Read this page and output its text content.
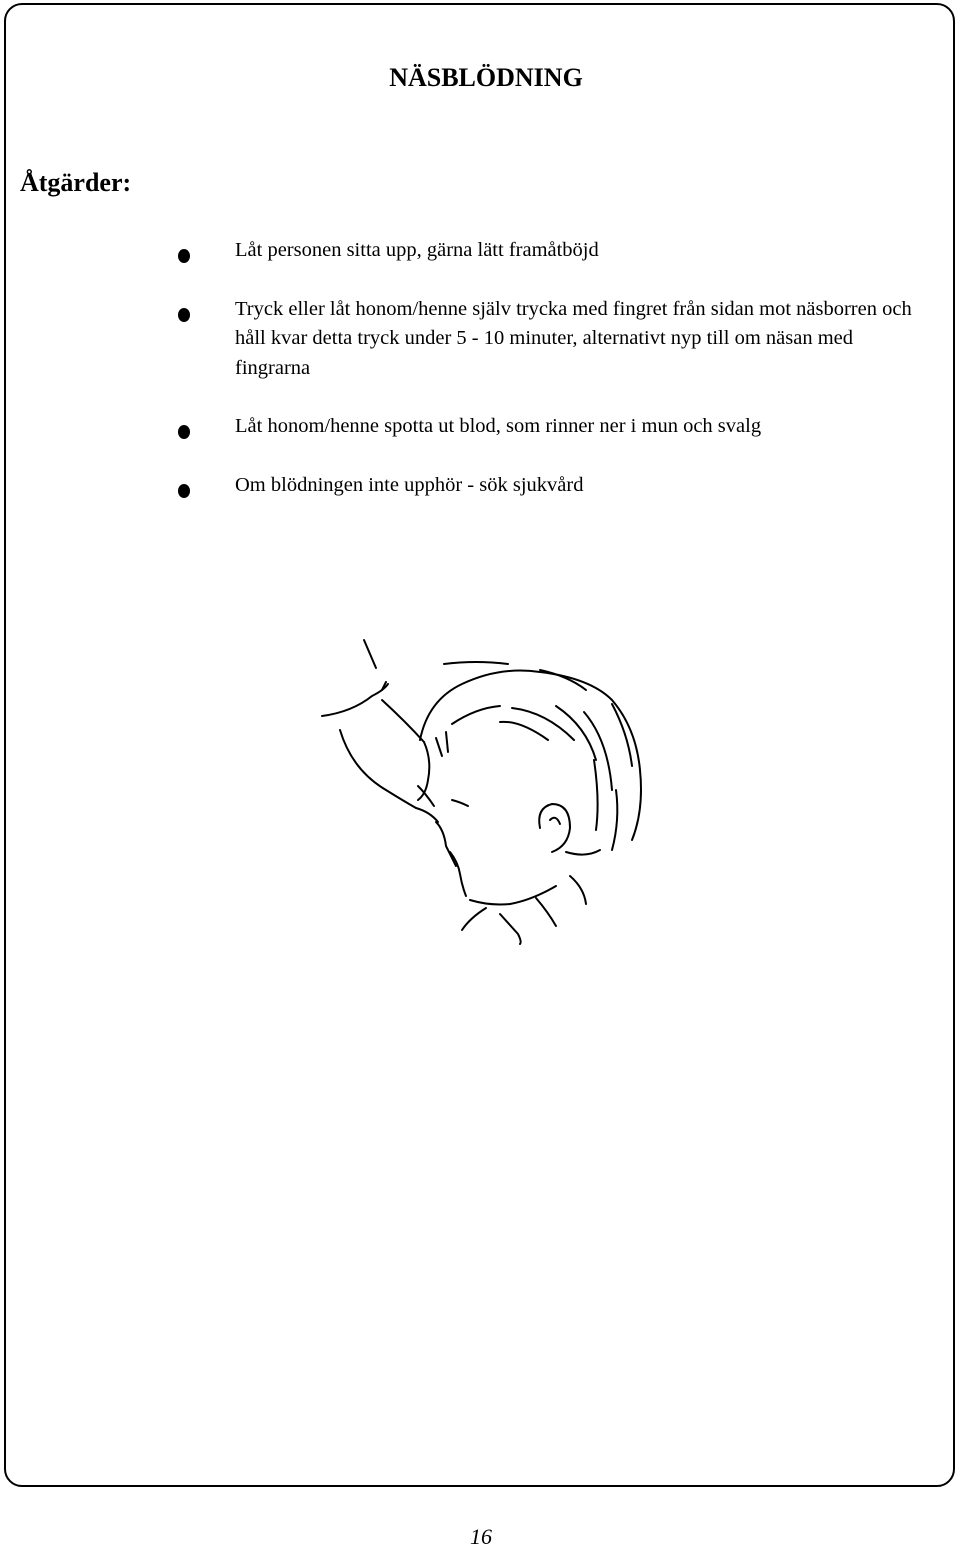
NÄSBLÖDNING
Åtgärder:
Låt personen sitta upp, gärna lätt framåtböjd
Tryck eller låt honom/henne själv trycka med fingret från sidan mot näsborren och håll kvar detta tryck under 5 - 10 minuter, alternativt nyp till om näsan med fingrarna
Låt honom/henne spotta ut blod, som rinner ner i mun och svalg
Om blödningen inte upphör - sök sjukvård
16
